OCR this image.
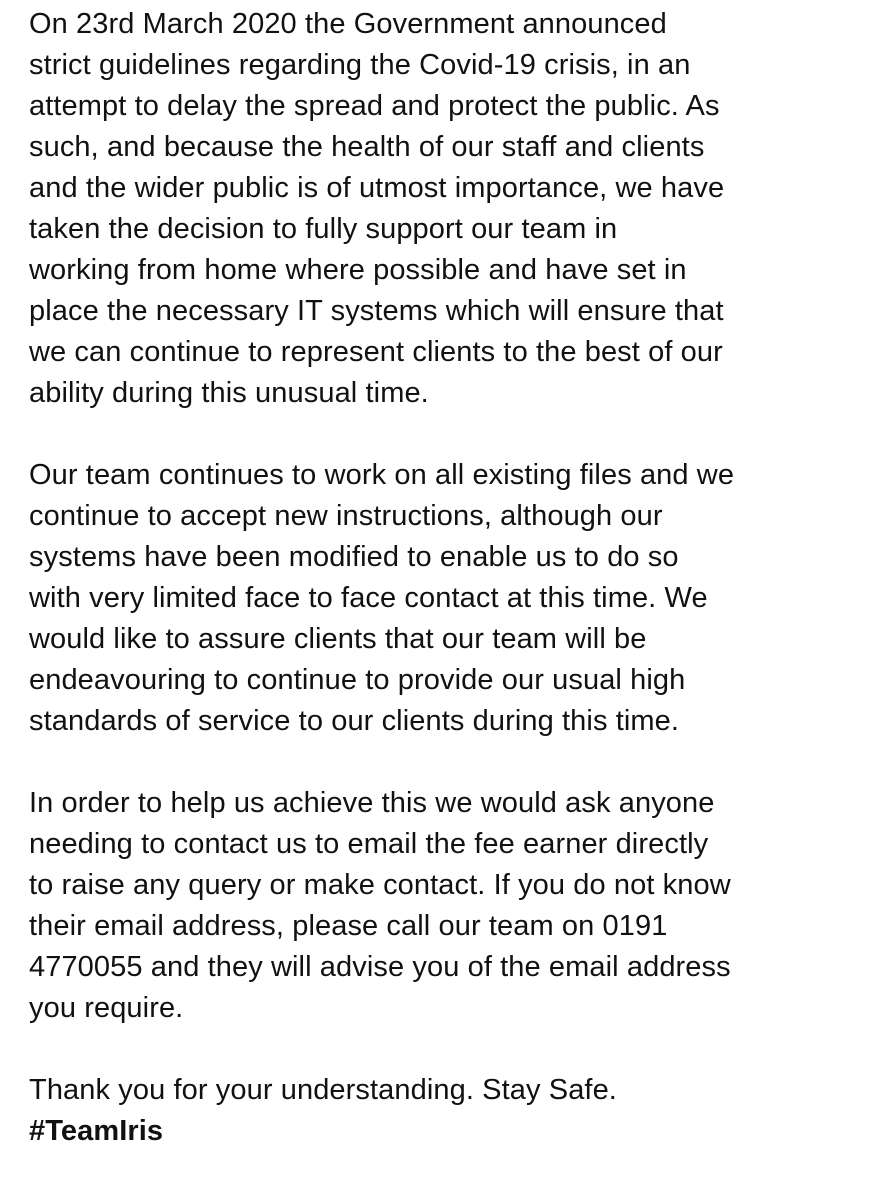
On 23rd March 2020 the Government announced
strict guidelines regarding the Covid-19 crisis, in an
attempt to delay the spread and protect the public. As
such, and because the health of our staff and clients
and the wider public is of utmost importance, we have
taken the decision to fully support our team in
working from home where possible and have set in
place the necessary IT systems which will ensure that
we can continue to represent clients to the best of our
ability during this unusual time.
Our team continues to work on all existing files and we
continue to accept new instructions, although our
systems have been modified to enable us to do so
with very limited face to face contact at this time. We
would like to assure clients that our team will be
endeavouring to continue to provide our usual high
standards of service to our clients during this time.
In order to help us achieve this we would ask anyone
needing to contact us to email the fee earner directly
to raise any query or make contact. If you do not know
their email address, please call our team on 0191
4770055 and they will advise you of the email address
you require.
Thank you for your understanding. Stay Safe.
#TeamIris
